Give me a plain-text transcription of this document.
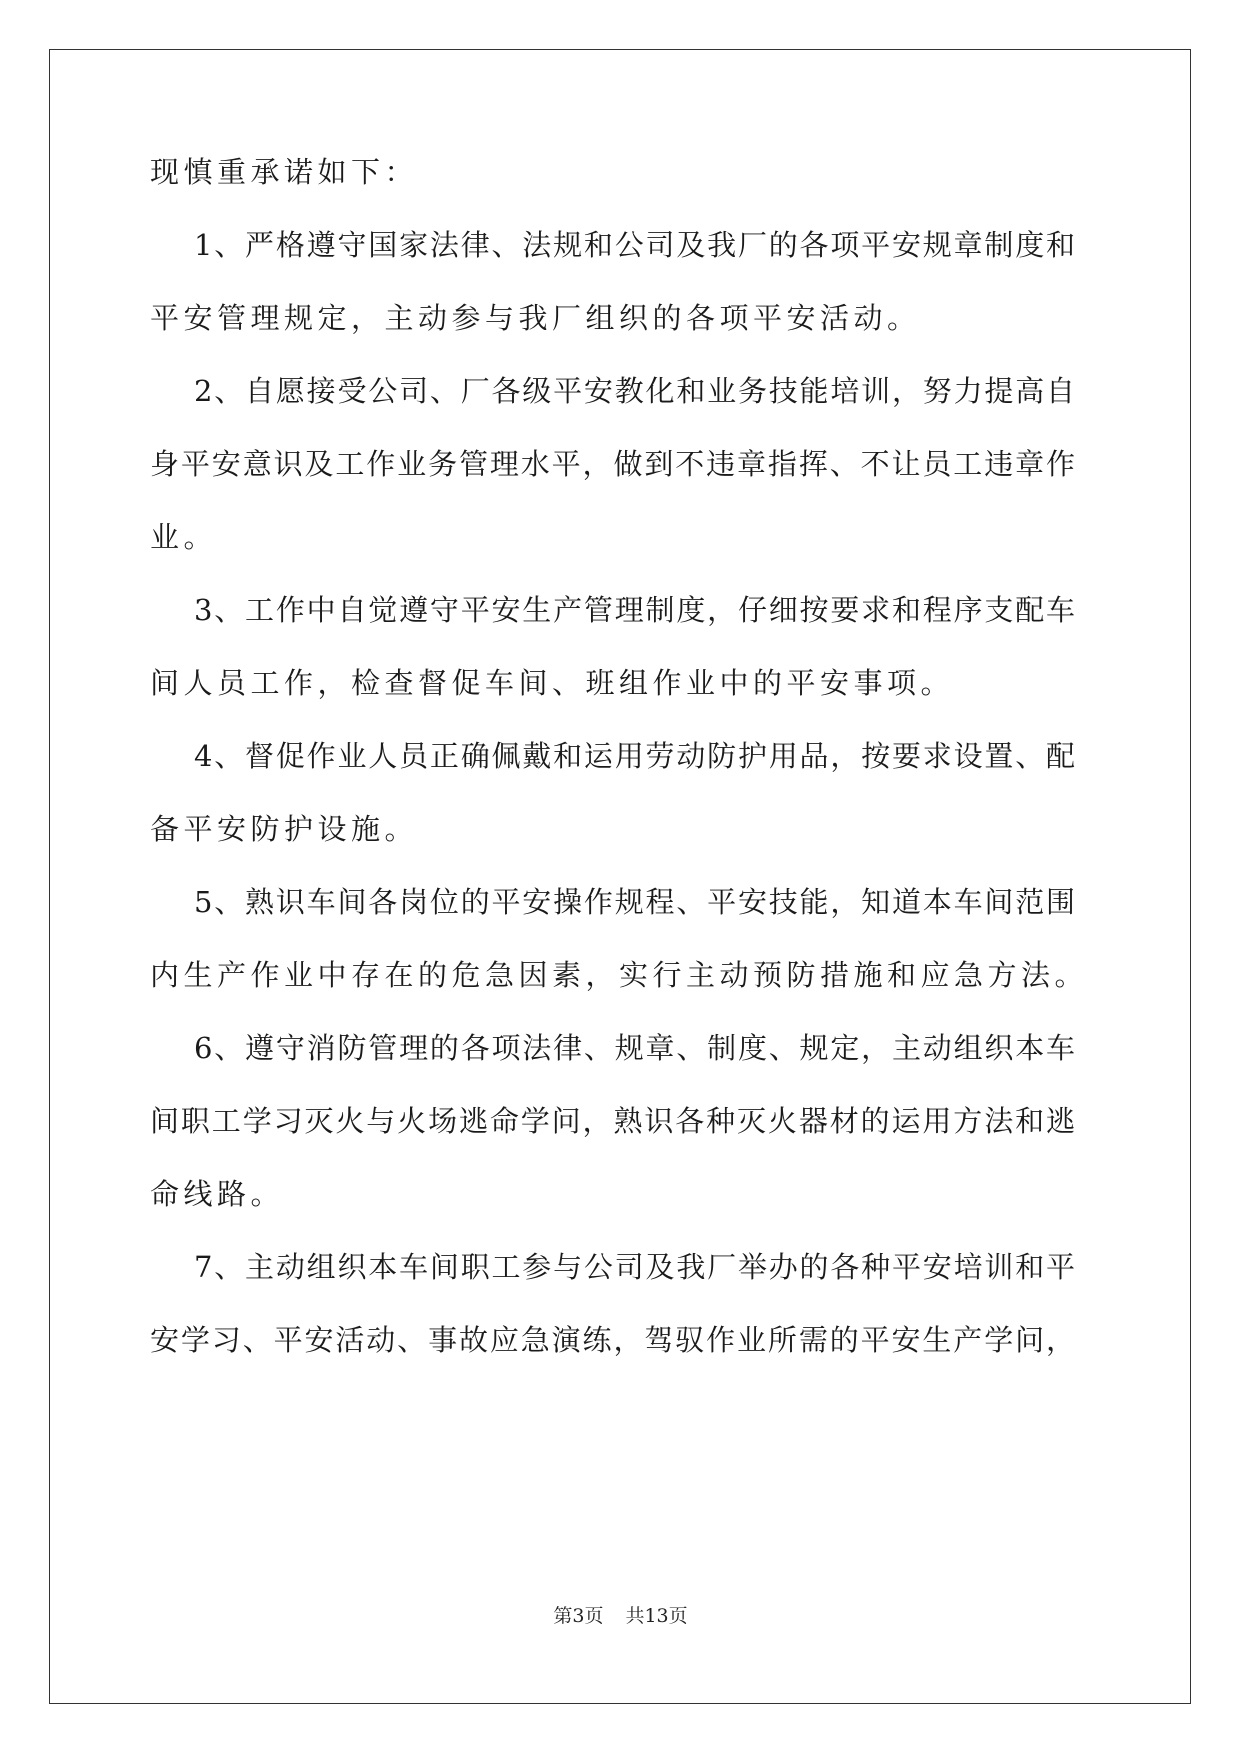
现慎重承诺如下：
1、严格遵守国家法律、法规和公司及我厂的各项平安规章制度和
平安管理规定，主动参与我厂组织的各项平安活动。
2、自愿接受公司、厂各级平安教化和业务技能培训，努力提高自
身平安意识及工作业务管理水平，做到不违章指挥、不让员工违章作
业。
3、工作中自觉遵守平安生产管理制度，仔细按要求和程序支配车
间人员工作，检查督促车间、班组作业中的平安事项。
4、督促作业人员正确佩戴和运用劳动防护用品，按要求设置、配
备平安防护设施。
5、熟识车间各岗位的平安操作规程、平安技能，知道本车间范围
内生产作业中存在的危急因素，实行主动预防措施和应急方法。
6、遵守消防管理的各项法律、规章、制度、规定，主动组织本车
间职工学习灭火与火场逃命学问，熟识各种灭火器材的运用方法和逃
命线路。
7、主动组织本车间职工参与公司及我厂举办的各种平安培训和平
安学习、平安活动、事故应急演练，驾驭作业所需的平安生产学问，
第3页 共13页
